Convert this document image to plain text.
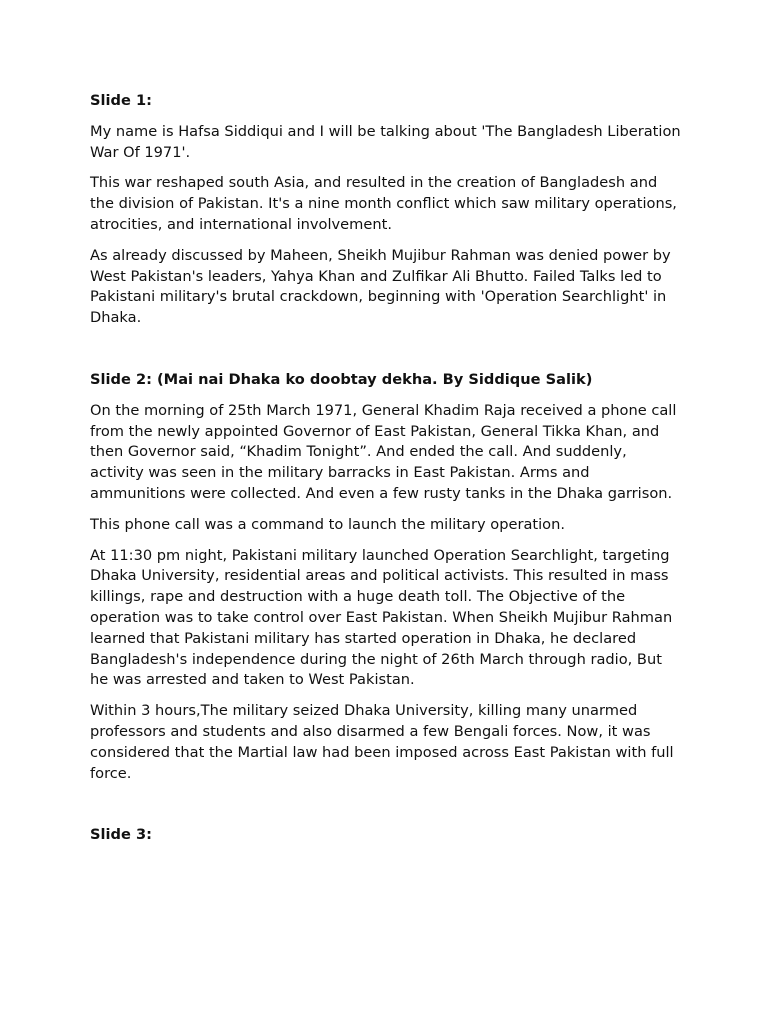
Slide 1:
My name is Hafsa Siddiqui and I will be talking about 'The Bangladesh Liberation War Of 1971'.
This war reshaped south Asia, and resulted in the creation of Bangladesh and the division of Pakistan. It's a nine month conflict which saw military operations, atrocities, and international involvement.
As already discussed by Maheen, Sheikh Mujibur Rahman was denied power by West Pakistan's leaders, Yahya Khan and Zulfikar Ali Bhutto. Failed Talks led to Pakistani military's brutal crackdown, beginning with 'Operation Searchlight' in Dhaka.
Slide 2: (Mai nai Dhaka ko doobtay dekha. By Siddique Salik)
On the morning of 25th March 1971, General Khadim Raja received a phone call from the newly appointed Governor of East Pakistan, General Tikka Khan, and then Governor said, “Khadim Tonight”. And ended the call. And suddenly, activity was seen in the military barracks in East Pakistan. Arms and ammunitions were collected. And even a few rusty tanks in the Dhaka garrison.
This phone call was a command to launch the military operation.
At 11:30 pm night, Pakistani military launched Operation Searchlight, targeting Dhaka University, residential areas and political activists. This resulted in mass killings, rape and destruction with a huge death toll. The Objective of the operation was to take control over East Pakistan. When Sheikh Mujibur Rahman learned that Pakistani military has started operation in Dhaka, he declared Bangladesh's independence during the night of 26th March through radio, But he was arrested and taken to West Pakistan.
Within 3 hours,The military seized Dhaka University, killing many unarmed professors and students and also disarmed a few Bengali forces. Now, it was considered that the Martial law had been imposed across East Pakistan with full force.
Slide 3:
